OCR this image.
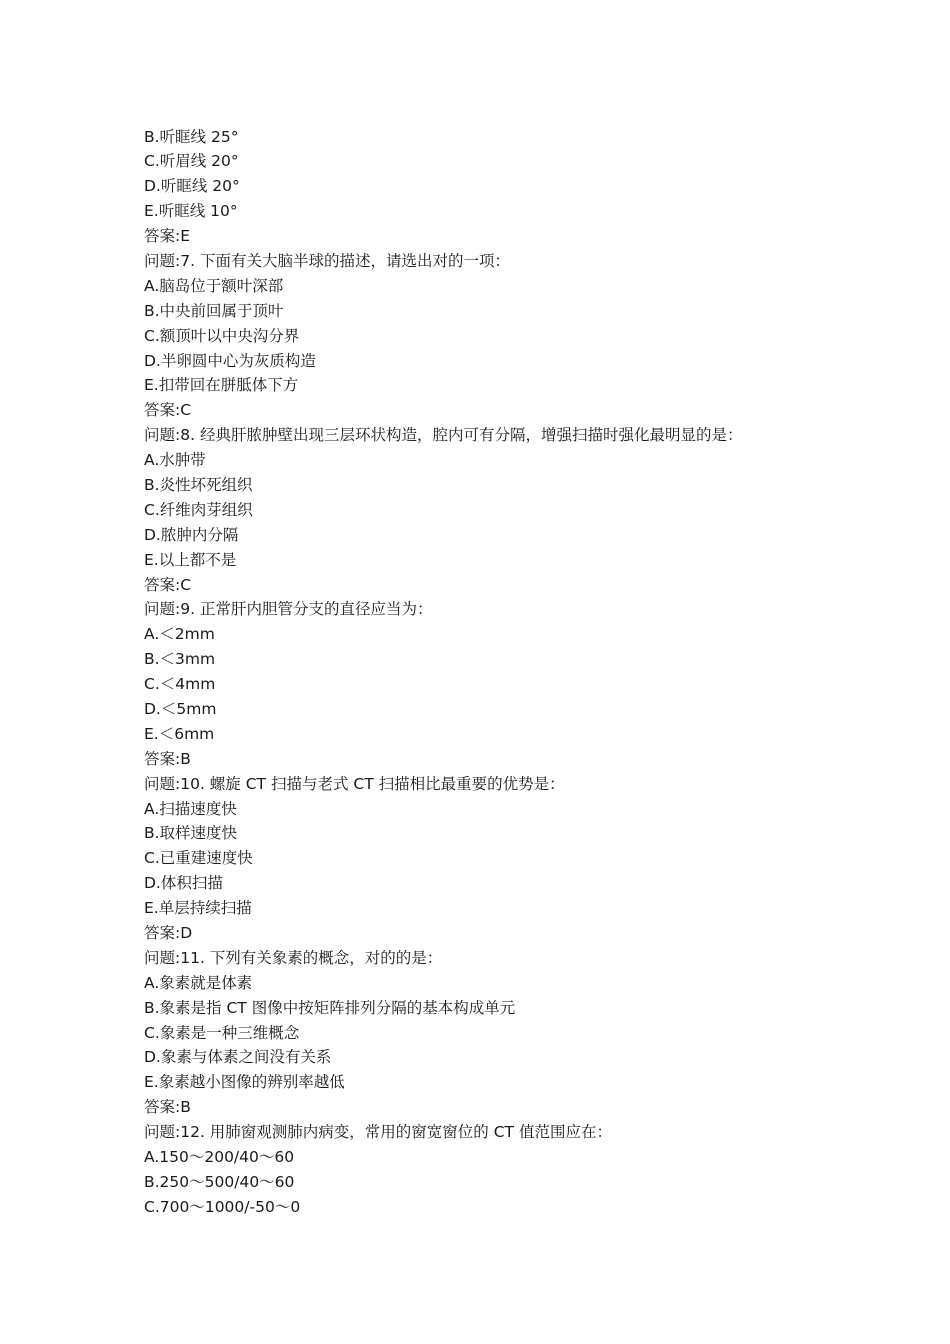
B.听眶线 25°
C.听眉线 20°
D.听眶线 20°
E.听眶线 10°
答案:E
问题:7. 下面有关大脑半球的描述，请选出对的一项：
A.脑岛位于额叶深部
B.中央前回属于顶叶
C.额顶叶以中央沟分界
D.半卵圆中心为灰质构造
E.扣带回在胼胝体下方
答案:C
问题:8. 经典肝脓肿壁出现三层环状构造，腔内可有分隔，增强扫描时强化最明显的是：
A.水肿带
B.炎性坏死组织
C.纤维肉芽组织
D.脓肿内分隔
E.以上都不是
答案:C
问题:9. 正常肝内胆管分支的直径应当为：
A.＜2mm
B.＜3mm
C.＜4mm
D.＜5mm
E.＜6mm
答案:B
问题:10. 螺旋 CT 扫描与老式 CT 扫描相比最重要的优势是：
A.扫描速度快
B.取样速度快
C.已重建速度快
D.体积扫描
E.单层持续扫描
答案:D
问题:11. 下列有关象素的概念，对的的是：
A.象素就是体素
B.象素是指 CT 图像中按矩阵排列分隔的基本构成单元
C.象素是一种三维概念
D.象素与体素之间没有关系
E.象素越小图像的辨别率越低
答案:B
问题:12. 用肺窗观测肺内病变，常用的窗宽窗位的 CT 值范围应在：
A.150～200/40～60
B.250～500/40～60
C.700～1000/-50～0
